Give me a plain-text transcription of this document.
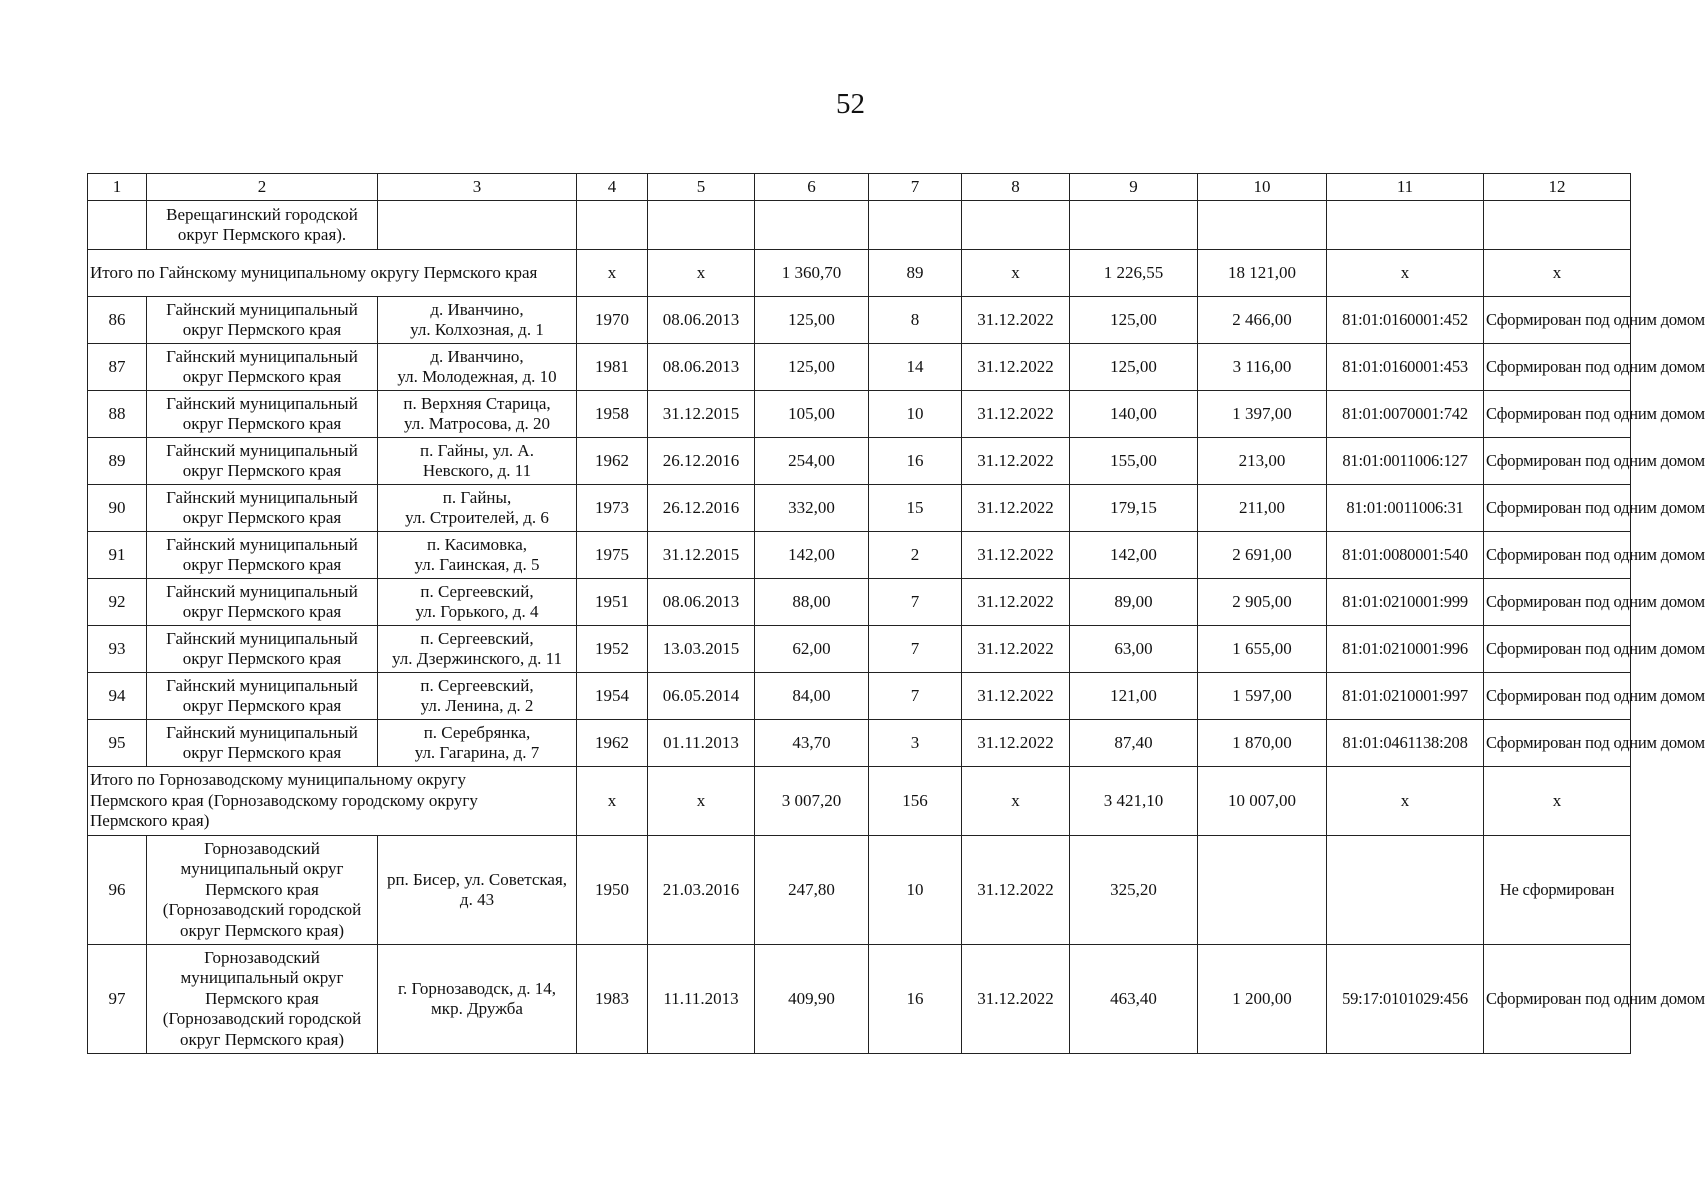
52
1	2	3	4	5	6	7	8	9	10	11	12
	Верещагинский городской
округ Пермского края).										
Итого по Гайнскому муниципальному округу Пермского края			х	х	1 360,70	89	х	1 226,55	18 121,00	х	х
86	Гайнский муниципальный
округ Пермского края	д. Иванчино,
ул. Колхозная, д. 1	1970	08.06.2013	125,00	8	31.12.2022	125,00	2 466,00	81:01:0160001:452	Сформирован под одним домом
87	Гайнский муниципальный
округ Пермского края	д. Иванчино,
ул. Молодежная, д. 10	1981	08.06.2013	125,00	14	31.12.2022	125,00	3 116,00	81:01:0160001:453	Сформирован под одним домом
88	Гайнский муниципальный
округ Пермского края	п. Верхняя Старица,
ул. Матросова, д. 20	1958	31.12.2015	105,00	10	31.12.2022	140,00	1 397,00	81:01:0070001:742	Сформирован под одним домом
89	Гайнский муниципальный
округ Пермского края	п. Гайны, ул. А.
Невского, д. 11	1962	26.12.2016	254,00	16	31.12.2022	155,00	213,00	81:01:0011006:127	Сформирован под одним домом
90	Гайнский муниципальный
округ Пермского края	п. Гайны,
ул. Строителей, д. 6	1973	26.12.2016	332,00	15	31.12.2022	179,15	211,00	81:01:0011006:31	Сформирован под одним домом
91	Гайнский муниципальный
округ Пермского края	п. Касимовка,
ул. Гаинская, д. 5	1975	31.12.2015	142,00	2	31.12.2022	142,00	2 691,00	81:01:0080001:540	Сформирован под одним домом
92	Гайнский муниципальный
округ Пермского края	п. Сергеевский,
ул. Горького, д. 4	1951	08.06.2013	88,00	7	31.12.2022	89,00	2 905,00	81:01:0210001:999	Сформирован под одним домом
93	Гайнский муниципальный
округ Пермского края	п. Сергеевский,
ул. Дзержинского, д. 11	1952	13.03.2015	62,00	7	31.12.2022	63,00	1 655,00	81:01:0210001:996	Сформирован под одним домом
94	Гайнский муниципальный
округ Пермского края	п. Сергеевский,
ул. Ленина, д. 2	1954	06.05.2014	84,00	7	31.12.2022	121,00	1 597,00	81:01:0210001:997	Сформирован под одним домом
95	Гайнский муниципальный
округ Пермского края	п. Серебрянка,
ул. Гагарина, д. 7	1962	01.11.2013	43,70	3	31.12.2022	87,40	1 870,00	81:01:0461138:208	Сформирован под одним домом
Итого по Горнозаводскому муниципальному округу
Пермского края (Горнозаводскому городскому округу
Пермского края)			х	х	3 007,20	156	х	3 421,10	10 007,00	х	х
96	Горнозаводский
муниципальный округ
Пермского края
(Горнозаводский городской
округ Пермского края)	рп. Бисер, ул. Советская,
д. 43	1950	21.03.2016	247,80	10	31.12.2022	325,20			Не сформирован
97	Горнозаводский
муниципальный округ
Пермского края
(Горнозаводский городской
округ Пермского края)	г. Горнозаводск, д. 14,
мкр. Дружба	1983	11.11.2013	409,90	16	31.12.2022	463,40	1 200,00	59:17:0101029:456	Сформирован под одним домом
